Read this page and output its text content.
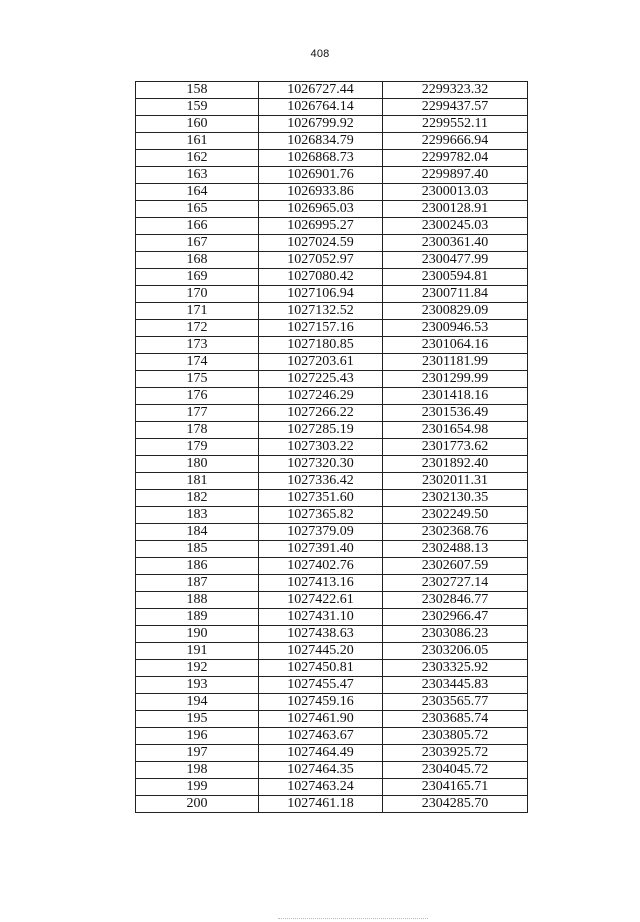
408
158	1026727.44	2299323.32
159	1026764.14	2299437.57
160	1026799.92	2299552.11
161	1026834.79	2299666.94
162	1026868.73	2299782.04
163	1026901.76	2299897.40
164	1026933.86	2300013.03
165	1026965.03	2300128.91
166	1026995.27	2300245.03
167	1027024.59	2300361.40
168	1027052.97	2300477.99
169	1027080.42	2300594.81
170	1027106.94	2300711.84
171	1027132.52	2300829.09
172	1027157.16	2300946.53
173	1027180.85	2301064.16
174	1027203.61	2301181.99
175	1027225.43	2301299.99
176	1027246.29	2301418.16
177	1027266.22	2301536.49
178	1027285.19	2301654.98
179	1027303.22	2301773.62
180	1027320.30	2301892.40
181	1027336.42	2302011.31
182	1027351.60	2302130.35
183	1027365.82	2302249.50
184	1027379.09	2302368.76
185	1027391.40	2302488.13
186	1027402.76	2302607.59
187	1027413.16	2302727.14
188	1027422.61	2302846.77
189	1027431.10	2302966.47
190	1027438.63	2303086.23
191	1027445.20	2303206.05
192	1027450.81	2303325.92
193	1027455.47	2303445.83
194	1027459.16	2303565.77
195	1027461.90	2303685.74
196	1027463.67	2303805.72
197	1027464.49	2303925.72
198	1027464.35	2304045.72
199	1027463.24	2304165.71
200	1027461.18	2304285.70
